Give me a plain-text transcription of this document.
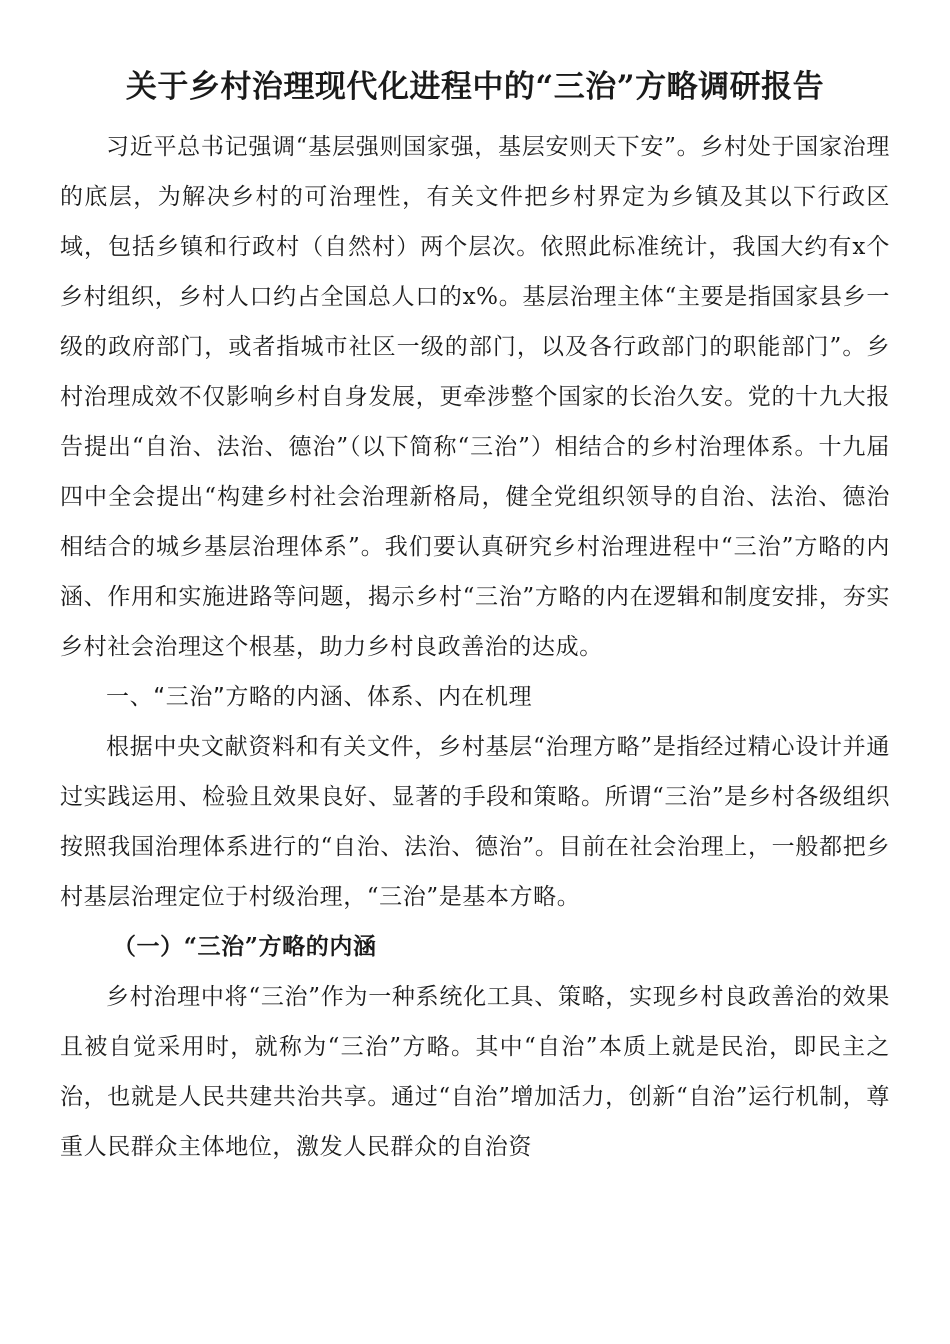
关于乡村治理现代化进程中的“三治”方略调研报告

习近平总书记强调“基层强则国家强，基层安则天下安”。乡村处于国家治理的底层，为解决乡村的可治理性，有关文件把乡村界定为乡镇及其以下行政区域，包括乡镇和行政村（自然村）两个层次。依照此标准统计，我国大约有x个乡村组织，乡村人口约占全国总人口的x%。基层治理主体“主要是指国家县乡一级的政府部门，或者指城市社区一级的部门，以及各行政部门的职能部门”。乡村治理成效不仅影响乡村自身发展，更牵涉整个国家的长治久安。党的十九大报告提出“自治、法治、德治”（以下简称“三治”）相结合的乡村治理体系。十九届四中全会提出“构建乡村社会治理新格局，健全党组织领导的自治、法治、德治相结合的城乡基层治理体系”。我们要认真研究乡村治理进程中“三治”方略的内涵、作用和实施进路等问题，揭示乡村“三治”方略的内在逻辑和制度安排，夯实乡村社会治理这个根基，助力乡村良政善治的达成。

一、“三治”方略的内涵、体系、内在机理

根据中央文献资料和有关文件，乡村基层“治理方略”是指经过精心设计并通过实践运用、检验且效果良好、显著的手段和策略。所谓“三治”是乡村各级组织按照我国治理体系进行的“自治、法治、德治”。目前在社会治理上，一般都把乡村基层治理定位于村级治理，“三治”是基本方略。

（一）“三治”方略的内涵

乡村治理中将“三治”作为一种系统化工具、策略，实现乡村良政善治的效果且被自觉采用时，就称为“三治”方略。其中“自治”本质上就是民治，即民主之治，也就是人民共建共治共享。通过“自治”增加活力，创新“自治”运行机制，尊重人民群众主体地位，激发人民群众的自治资
